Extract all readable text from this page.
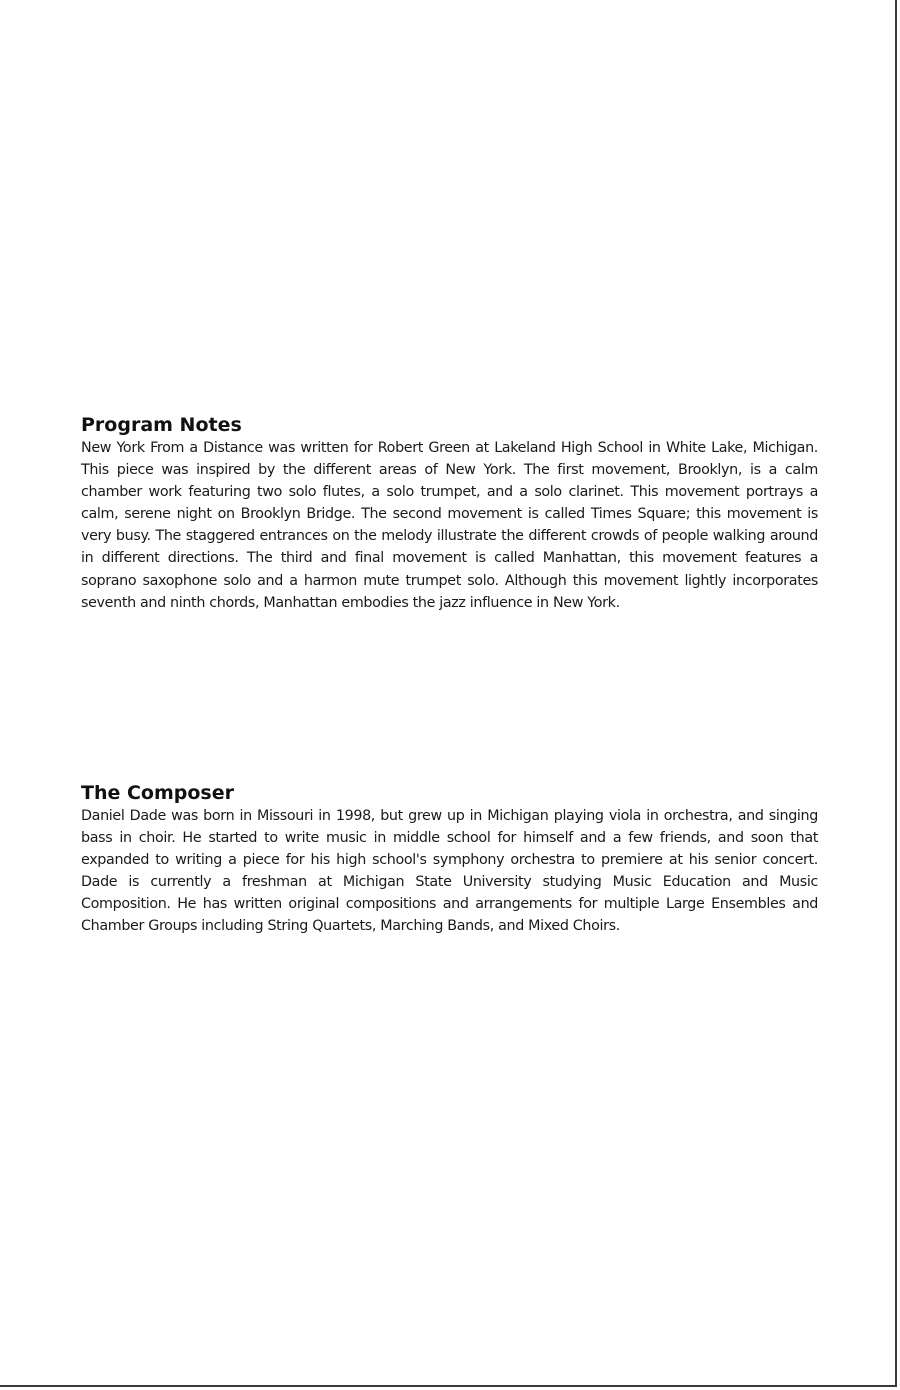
Program Notes

New York From a Distance was written for Robert Green at Lakeland High School in White Lake, Michigan. This piece was inspired by the different areas of New York. The first movement, Brooklyn, is a calm chamber work featuring two solo flutes, a solo trumpet, and a solo clarinet. This movement portrays a calm, serene night on Brooklyn Bridge. The second movement is called Times Square; this movement is very busy. The staggered entrances on the melody illustrate the different crowds of people walking around in different directions. The third and final movement is called Manhattan, this movement features a soprano saxophone solo and a harmon mute trumpet solo. Although this movement lightly incorporates seventh and ninth chords, Manhattan embodies the jazz influence in New York.

The Composer

Daniel Dade was born in Missouri in 1998, but grew up in Michigan playing viola in orchestra, and singing bass in choir. He started to write music in middle school for himself and a few friends, and soon that expanded to writing a piece for his high school's symphony orchestra to premiere at his senior concert. Dade is currently a freshman at Michigan State University studying Music Education and Music Composition. He has written original compositions and arrangements for multiple Large Ensembles and Chamber Groups including String Quartets, Marching Bands, and Mixed Choirs.
